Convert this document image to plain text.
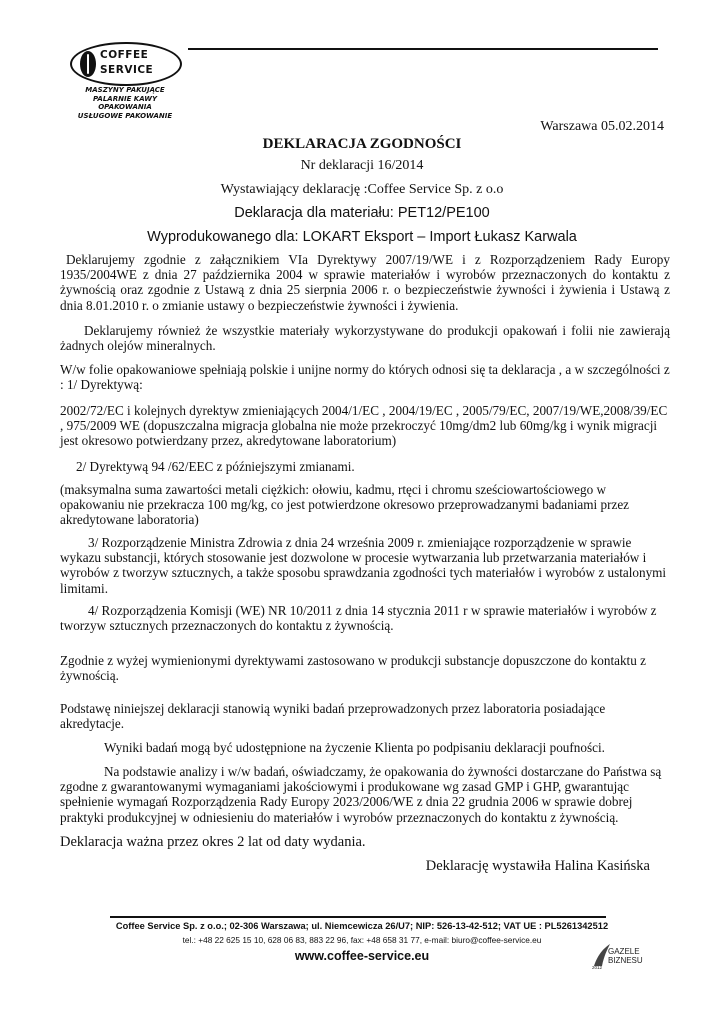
COFFEE
SERVICE
MASZYNY PAKUJĄCE
PALARNIE KAWY
OPAKOWANIA
USŁUGOWE PAKOWANIE
Warszawa 05.02.2014
DEKLARACJA ZGODNOŚCI
Nr deklaracji 16/2014
Wystawiający deklarację :Coffee Service Sp. z o.o
Deklaracja dla materiału: PET12/PE100
Wyprodukowanego dla: LOKART Eksport – Import Łukasz Karwala
Deklarujemy zgodnie z załącznikiem VIa Dyrektywy 2007/19/WE i z Rozporządzeniem Rady Europy 1935/2004WE z dnia 27 października 2004 w sprawie materiałów i wyrobów przeznaczonych do kontaktu z żywnością oraz zgodnie z Ustawą z dnia 25 sierpnia 2006 r. o bezpieczeństwie żywności i żywienia i Ustawą z dnia 8.01.2010 r. o zmianie ustawy o bezpieczeństwie żywności i żywienia.
Deklarujemy również że wszystkie materiały wykorzystywane do produkcji opakowań i folii nie zawierają żadnych olejów mineralnych.
W/w folie opakowaniowe spełniają polskie i unijne normy do których odnosi się ta deklaracja , a w szczególności z : 1/ Dyrektywą:
2002/72/EC i kolejnych dyrektyw zmieniających 2004/1/EC , 2004/19/EC , 2005/79/EC, 2007/19/WE,2008/39/EC , 975/2009 WE (dopuszczalna migracja globalna nie może przekroczyć 10mg/dm2 lub 60mg/kg i wynik migracji jest okresowo potwierdzany przez, akredytowane laboratorium)
2/ Dyrektywą 94 /62/EEC z późniejszymi zmianami.
(maksymalna suma zawartości metali ciężkich: ołowiu, kadmu, rtęci i chromu sześciowartościowego w opakowaniu nie przekracza 100 mg/kg, co jest potwierdzone okresowo przeprowadzanymi badaniami przez akredytowane laboratoria)
3/ Rozporządzenie Ministra Zdrowia z dnia 24 września 2009 r. zmieniające rozporządzenie w sprawie wykazu substancji, których stosowanie jest dozwolone w procesie wytwarzania lub przetwarzania materiałów i wyrobów z tworzyw sztucznych, a także sposobu sprawdzania zgodności tych materiałów i wyrobów z ustalonymi limitami.
4/ Rozporządzenia Komisji (WE) NR 10/2011 z dnia 14 stycznia 2011 r w sprawie materiałów i wyrobów z tworzyw sztucznych przeznaczonych do kontaktu z żywnością.
Zgodnie z wyżej wymienionymi dyrektywami zastosowano w produkcji substancje dopuszczone do kontaktu z żywnością.
Podstawę niniejszej deklaracji stanowią wyniki badań przeprowadzonych przez laboratoria posiadające akredytacje.
Wyniki badań mogą być udostępnione na życzenie Klienta po podpisaniu deklaracji poufności.
Na podstawie analizy i w/w badań, oświadczamy, że opakowania do żywności dostarczane do Państwa są zgodne z gwarantowanymi wymaganiami jakościowymi i produkowane wg zasad GMP i GHP, gwarantując spełnienie wymagań Rozporządzenia Rady Europy 2023/2006/WE z dnia 22 grudnia 2006 w sprawie dobrej praktyki produkcyjnej w odniesieniu do materiałów i wyrobów przeznaczonych do kontaktu z żywnością.
Deklaracja ważna przez okres 2 lat od daty wydania.
Deklarację wystawiła Halina Kasińska
Coffee Service Sp. z o.o.; 02-306 Warszawa; ul. Niemcewicza 26/U7; NIP: 526-13-42-512; VAT UE : PL5261342512
tel.: +48 22 625 15 10, 628 06 83, 883 22 96, fax: +48 658 31 77, e-mail: biuro@coffee-service.eu
www.coffee-service.eu	GAZELE
BIZNESU
2012
